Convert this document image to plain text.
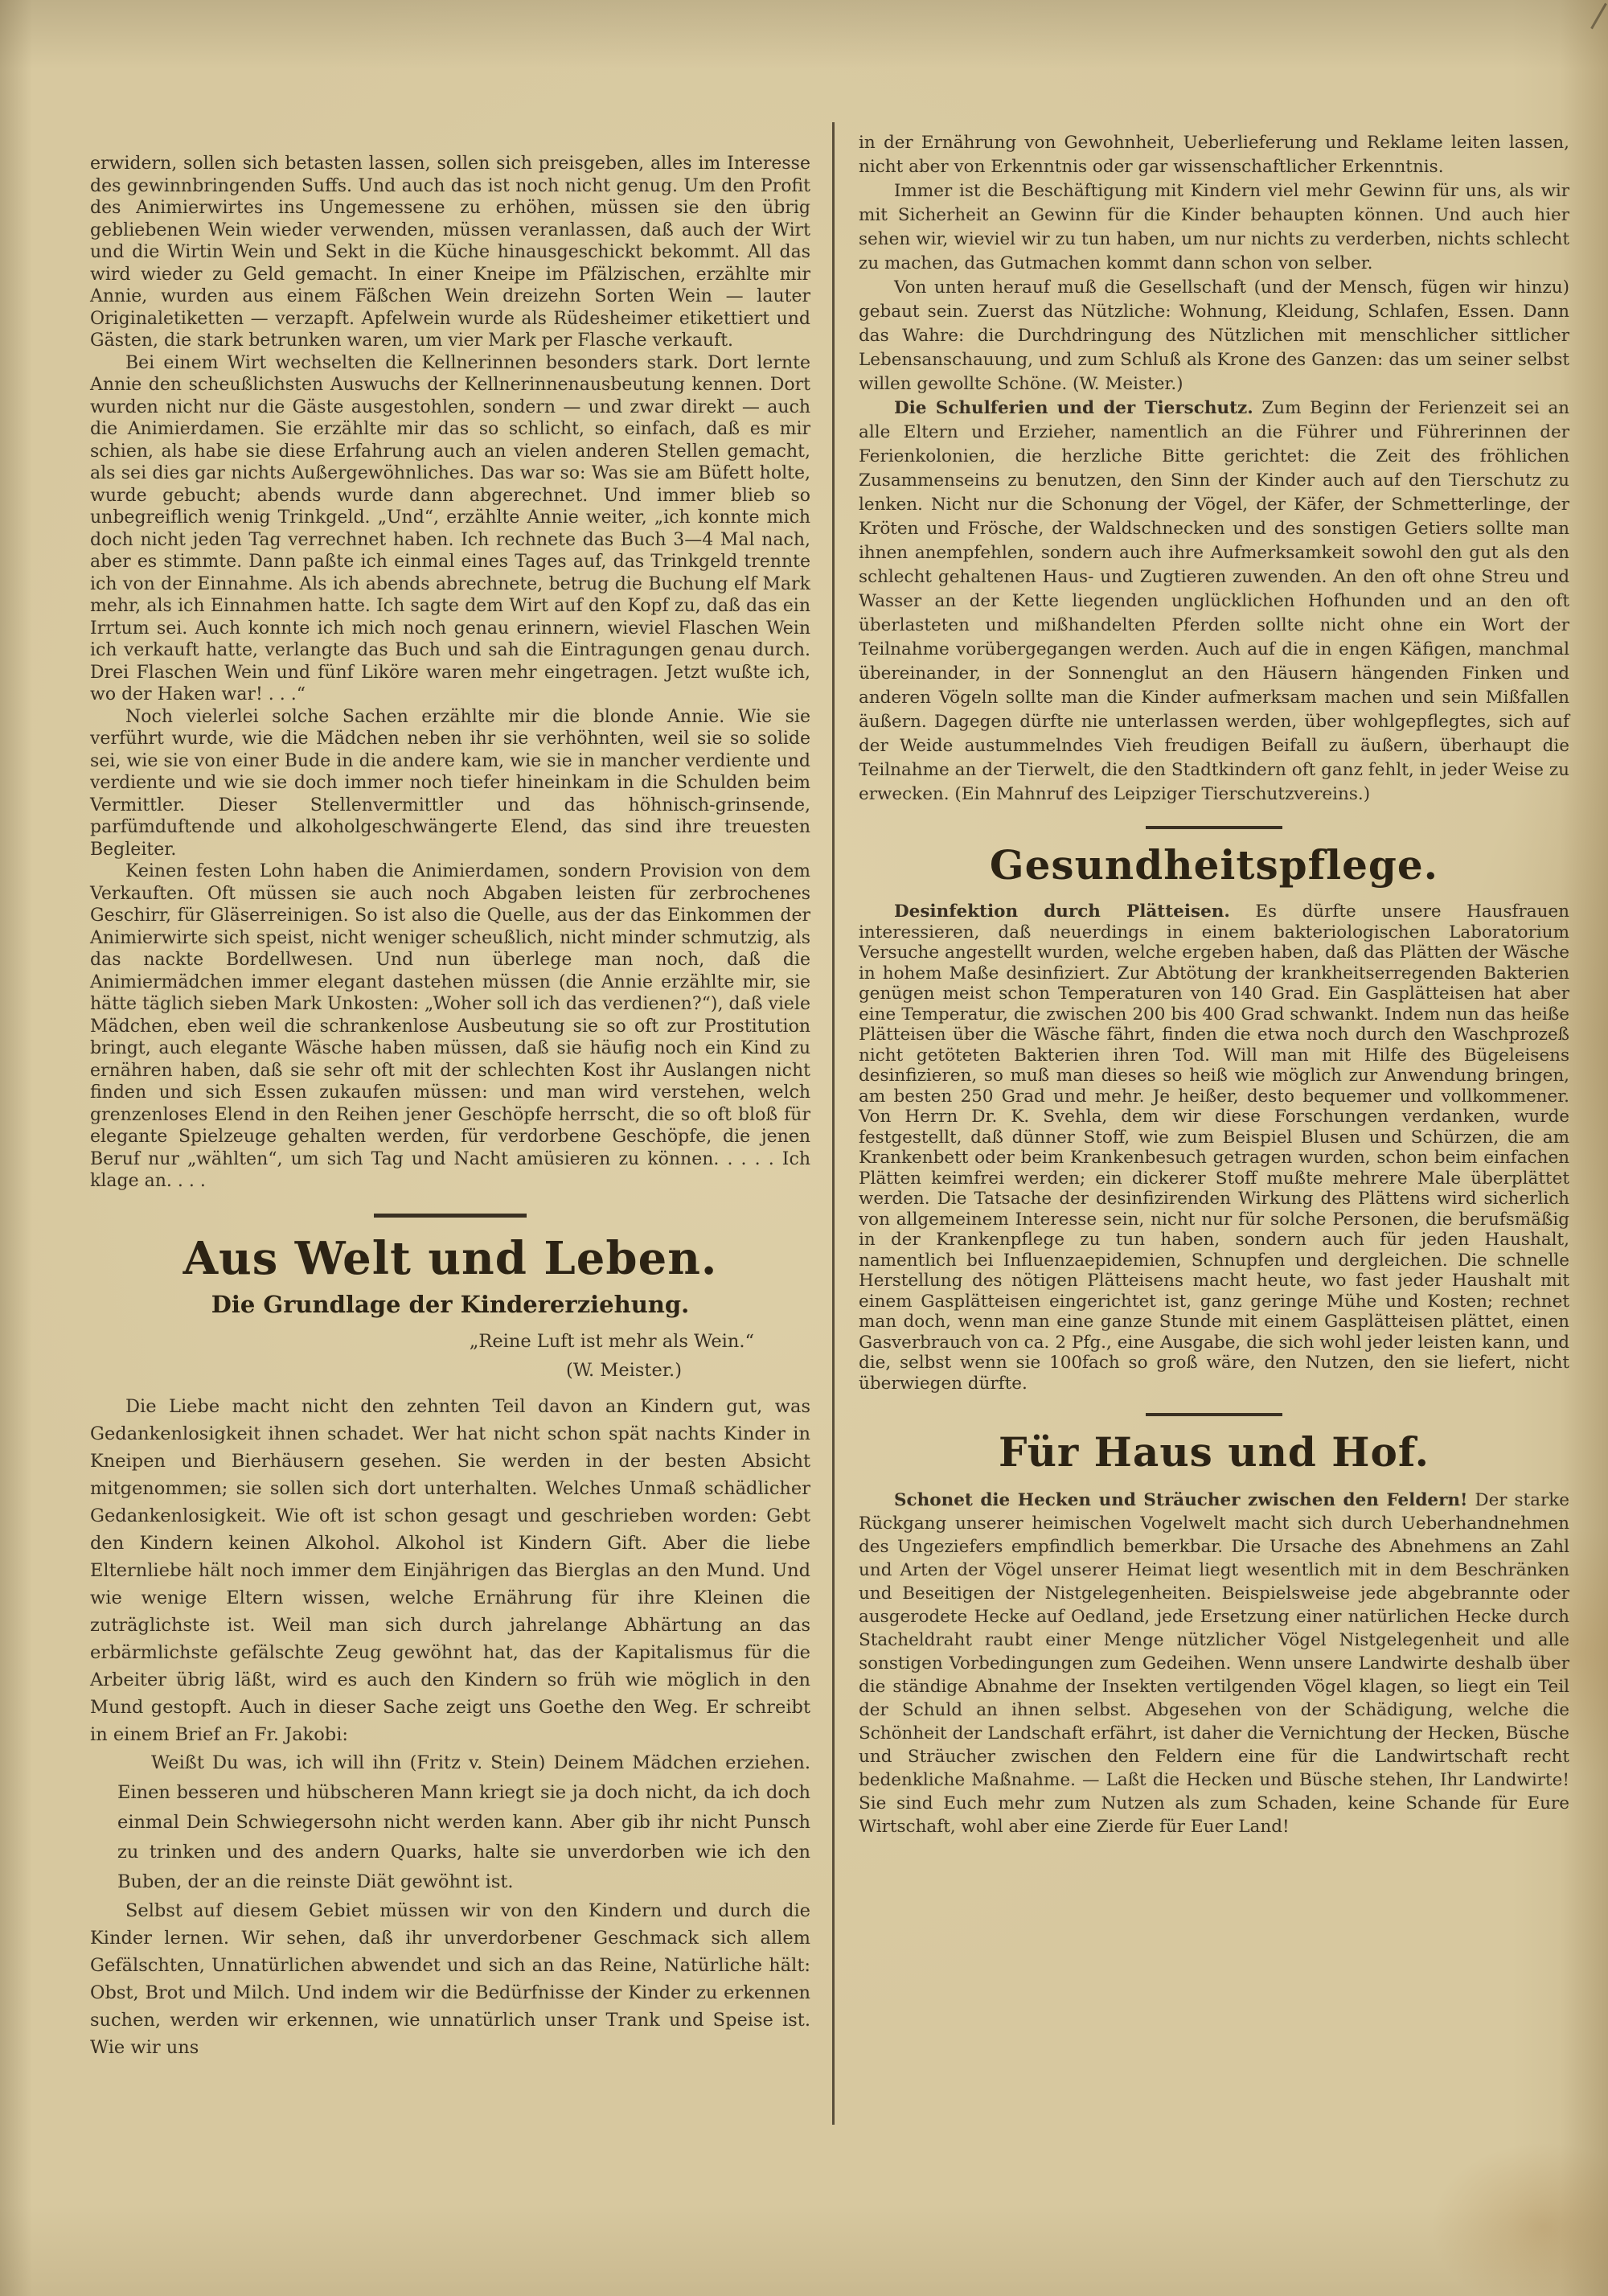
erwidern, sollen sich betasten lassen, sollen sich preisgeben, alles im Interesse des gewinnbringenden Suffs. Und auch das ist noch nicht genug. Um den Profit des Animierwirtes ins Ungemessene zu erhöhen, müssen sie den übrig gebliebenen Wein wieder verwenden, müssen veranlassen, daß auch der Wirt und die Wirtin Wein und Sekt in die Küche hinausgeschickt bekommt. All das wird wieder zu Geld gemacht. In einer Kneipe im Pfälzischen, erzählte mir Annie, wurden aus einem Fäßchen Wein dreizehn Sorten Wein — lauter Originaletiketten — verzapft. Apfelwein wurde als Rüdesheimer etikettiert und Gästen, die stark betrunken waren, um vier Mark per Flasche verkauft.

Bei einem Wirt wechselten die Kellnerinnen besonders stark. Dort lernte Annie den scheußlichsten Auswuchs der Kellnerinnenausbeutung kennen. Dort wurden nicht nur die Gäste ausgestohlen, sondern — und zwar direkt — auch die Animierdamen. Sie erzählte mir das so schlicht, so einfach, daß es mir schien, als habe sie diese Erfahrung auch an vielen anderen Stellen gemacht, als sei dies gar nichts Außergewöhnliches. Das war so: Was sie am Büfett holte, wurde gebucht; abends wurde dann abgerechnet. Und immer blieb so unbegreiflich wenig Trinkgeld. „Und“, erzählte Annie weiter, „ich konnte mich doch nicht jeden Tag verrechnet haben. Ich rechnete das Buch 3—4 Mal nach, aber es stimmte. Dann paßte ich einmal eines Tages auf, das Trinkgeld trennte ich von der Einnahme. Als ich abends abrechnete, betrug die Buchung elf Mark mehr, als ich Einnahmen hatte. Ich sagte dem Wirt auf den Kopf zu, daß das ein Irrtum sei. Auch konnte ich mich noch genau erinnern, wieviel Flaschen Wein ich verkauft hatte, verlangte das Buch und sah die Eintragungen genau durch. Drei Flaschen Wein und fünf Liköre waren mehr eingetragen. Jetzt wußte ich, wo der Haken war! . . .“

Noch vielerlei solche Sachen erzählte mir die blonde Annie. Wie sie verführt wurde, wie die Mädchen neben ihr sie verhöhnten, weil sie so solide sei, wie sie von einer Bude in die andere kam, wie sie in mancher verdiente und verdiente und wie sie doch immer noch tiefer hineinkam in die Schulden beim Vermittler. Dieser Stellenvermittler und das höhnisch-grinsende, parfümduftende und alkoholgeschwängerte Elend, das sind ihre treuesten Begleiter.

Keinen festen Lohn haben die Animierdamen, sondern Provision von dem Verkauften. Oft müssen sie auch noch Abgaben leisten für zerbrochenes Geschirr, für Gläserreinigen. So ist also die Quelle, aus der das Einkommen der Animierwirte sich speist, nicht weniger scheußlich, nicht minder schmutzig, als das nackte Bordellwesen. Und nun überlege man noch, daß die Animiermädchen immer elegant dastehen müssen (die Annie erzählte mir, sie hätte täglich sieben Mark Unkosten: „Woher soll ich das verdienen?“), daß viele Mädchen, eben weil die schrankenlose Ausbeutung sie so oft zur Prostitution bringt, auch elegante Wäsche haben müssen, daß sie häufig noch ein Kind zu ernähren haben, daß sie sehr oft mit der schlechten Kost ihr Auslangen nicht finden und sich Essen zukaufen müssen: und man wird verstehen, welch grenzenloses Elend in den Reihen jener Geschöpfe herrscht, die so oft bloß für elegante Spielzeuge gehalten werden, für verdorbene Geschöpfe, die jenen Beruf nur „wählten“, um sich Tag und Nacht amüsieren zu können. . . . . Ich klage an. . . .

Aus Welt und Leben.
Die Grundlage der Kindererziehung.

„Reine Luft ist mehr als Wein.“

(W. Meister.)

Die Liebe macht nicht den zehnten Teil davon an Kindern gut, was Gedankenlosigkeit ihnen schadet. Wer hat nicht schon spät nachts Kinder in Kneipen und Bierhäusern gesehen. Sie werden in der besten Absicht mitgenommen; sie sollen sich dort unterhalten. Welches Unmaß schädlicher Gedankenlosigkeit. Wie oft ist schon gesagt und geschrieben worden: Gebt den Kindern keinen Alkohol. Alkohol ist Kindern Gift. Aber die liebe Elternliebe hält noch immer dem Einjährigen das Bierglas an den Mund. Und wie wenige Eltern wissen, welche Ernährung für ihre Kleinen die zuträglichste ist. Weil man sich durch jahrelange Abhärtung an das erbärmlichste gefälschte Zeug gewöhnt hat, das der Kapitalismus für die Arbeiter übrig läßt, wird es auch den Kindern so früh wie möglich in den Mund gestopft. Auch in dieser Sache zeigt uns Goethe den Weg. Er schreibt in einem Brief an Fr. Jakobi:

Weißt Du was, ich will ihn (Fritz v. Stein) Deinem Mädchen erziehen. Einen besseren und hübscheren Mann kriegt sie ja doch nicht, da ich doch einmal Dein Schwiegersohn nicht werden kann. Aber gib ihr nicht Punsch zu trinken und des andern Quarks, halte sie unverdorben wie ich den Buben, der an die reinste Diät gewöhnt ist.

Selbst auf diesem Gebiet müssen wir von den Kindern und durch die Kinder lernen. Wir sehen, daß ihr unverdorbener Geschmack sich allem Gefälschten, Unnatürlichen abwendet und sich an das Reine, Natürliche hält: Obst, Brot und Milch. Und indem wir die Bedürfnisse der Kinder zu erkennen suchen, werden wir erkennen, wie unnatürlich unser Trank und Speise ist. Wie wir uns

in der Ernährung von Gewohnheit, Ueberlieferung und Reklame leiten lassen, nicht aber von Erkenntnis oder gar wissenschaftlicher Erkenntnis.

Immer ist die Beschäftigung mit Kindern viel mehr Gewinn für uns, als wir mit Sicherheit an Gewinn für die Kinder behaupten können. Und auch hier sehen wir, wieviel wir zu tun haben, um nur nichts zu verderben, nichts schlecht zu machen, das Gutmachen kommt dann schon von selber.

Von unten herauf muß die Gesellschaft (und der Mensch, fügen wir hinzu) gebaut sein. Zuerst das Nützliche: Wohnung, Kleidung, Schlafen, Essen. Dann das Wahre: die Durchdringung des Nützlichen mit menschlicher sittlicher Lebensanschauung, und zum Schluß als Krone des Ganzen: das um seiner selbst willen gewollte Schöne. (W. Meister.)

Die Schulferien und der Tierschutz. Zum Beginn der Ferienzeit sei an alle Eltern und Erzieher, namentlich an die Führer und Führerinnen der Ferienkolonien, die herzliche Bitte gerichtet: die Zeit des fröhlichen Zusammenseins zu benutzen, den Sinn der Kinder auch auf den Tierschutz zu lenken. Nicht nur die Schonung der Vögel, der Käfer, der Schmetterlinge, der Kröten und Frösche, der Waldschnecken und des sonstigen Getiers sollte man ihnen anempfehlen, sondern auch ihre Aufmerksamkeit sowohl den gut als den schlecht gehaltenen Haus- und Zugtieren zuwenden. An den oft ohne Streu und Wasser an der Kette liegenden unglücklichen Hofhunden und an den oft überlasteten und mißhandelten Pferden sollte nicht ohne ein Wort der Teilnahme vorübergegangen werden. Auch auf die in engen Käfigen, manchmal übereinander, in der Sonnenglut an den Häusern hängenden Finken und anderen Vögeln sollte man die Kinder aufmerksam machen und sein Mißfallen äußern. Dagegen dürfte nie unterlassen werden, über wohlgepflegtes, sich auf der Weide austummelndes Vieh freudigen Beifall zu äußern, überhaupt die Teilnahme an der Tierwelt, die den Stadtkindern oft ganz fehlt, in jeder Weise zu erwecken. (Ein Mahnruf des Leipziger Tierschutzvereins.)

Gesundheitspflege.

Desinfektion durch Plätteisen. Es dürfte unsere Hausfrauen interessieren, daß neuerdings in einem bakteriologischen Laboratorium Versuche angestellt wurden, welche ergeben haben, daß das Plätten der Wäsche in hohem Maße desinfiziert. Zur Abtötung der krankheitserregenden Bakterien genügen meist schon Temperaturen von 140 Grad. Ein Gasplätteisen hat aber eine Temperatur, die zwischen 200 bis 400 Grad schwankt. Indem nun das heiße Plätteisen über die Wäsche fährt, finden die etwa noch durch den Waschprozeß nicht getöteten Bakterien ihren Tod. Will man mit Hilfe des Bügeleisens desinfizieren, so muß man dieses so heiß wie möglich zur Anwendung bringen, am besten 250 Grad und mehr. Je heißer, desto bequemer und vollkommener. Von Herrn Dr. K. Svehla, dem wir diese Forschungen verdanken, wurde festgestellt, daß dünner Stoff, wie zum Beispiel Blusen und Schürzen, die am Krankenbett oder beim Krankenbesuch getragen wurden, schon beim einfachen Plätten keimfrei werden; ein dickerer Stoff mußte mehrere Male überplättet werden. Die Tatsache der desinfizirenden Wirkung des Plättens wird sicherlich von allgemeinem Interesse sein, nicht nur für solche Personen, die berufsmäßig in der Krankenpflege zu tun haben, sondern auch für jeden Haushalt, namentlich bei Influenzaepidemien, Schnupfen und dergleichen. Die schnelle Herstellung des nötigen Plätteisens macht heute, wo fast jeder Haushalt mit einem Gasplätteisen eingerichtet ist, ganz geringe Mühe und Kosten; rechnet man doch, wenn man eine ganze Stunde mit einem Gasplätteisen plättet, einen Gasverbrauch von ca. 2 Pfg., eine Ausgabe, die sich wohl jeder leisten kann, und die, selbst wenn sie 100fach so groß wäre, den Nutzen, den sie liefert, nicht überwiegen dürfte.

Für Haus und Hof.

Schonet die Hecken und Sträucher zwischen den Feldern! Der starke Rückgang unserer heimischen Vogelwelt macht sich durch Ueberhandnehmen des Ungeziefers empfindlich bemerkbar. Die Ursache des Abnehmens an Zahl und Arten der Vögel unserer Heimat liegt wesentlich mit in dem Beschränken und Beseitigen der Nistgelegenheiten. Beispielsweise jede abgebrannte oder ausgerodete Hecke auf Oedland, jede Ersetzung einer natürlichen Hecke durch Stacheldraht raubt einer Menge nützlicher Vögel Nistgelegenheit und alle sonstigen Vorbedingungen zum Gedeihen. Wenn unsere Landwirte deshalb über die ständige Abnahme der Insekten vertilgenden Vögel klagen, so liegt ein Teil der Schuld an ihnen selbst. Abgesehen von der Schädigung, welche die Schönheit der Landschaft erfährt, ist daher die Vernichtung der Hecken, Büsche und Sträucher zwischen den Feldern eine für die Landwirtschaft recht bedenkliche Maßnahme. — Laßt die Hecken und Büsche stehen, Ihr Landwirte! Sie sind Euch mehr zum Nutzen als zum Schaden, keine Schande für Eure Wirtschaft, wohl aber eine Zierde für Euer Land!
